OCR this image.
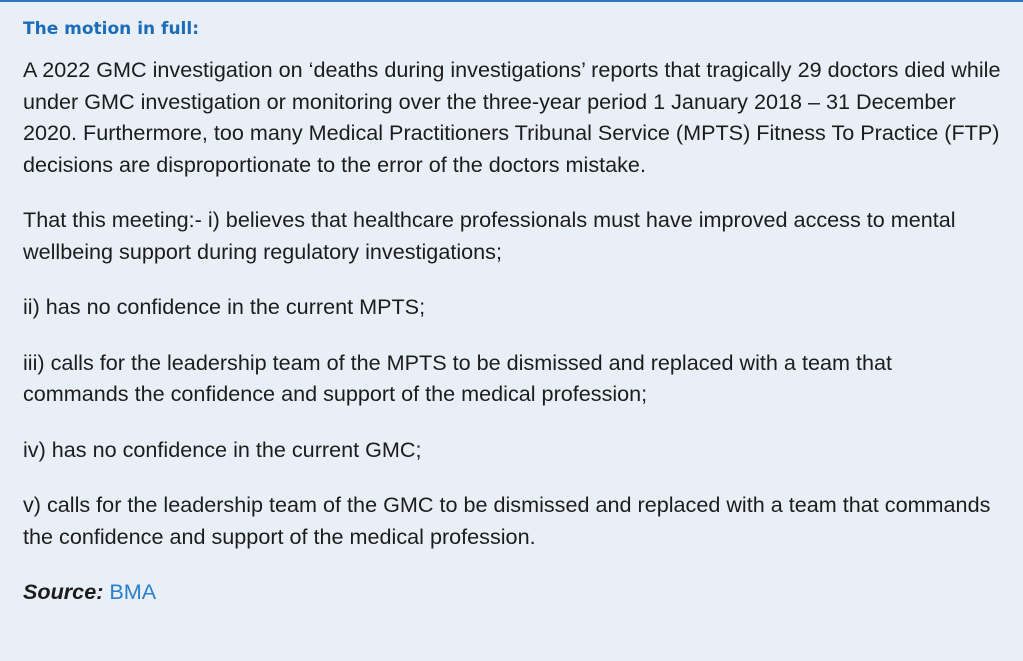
The motion in full:

A 2022 GMC investigation on ‘deaths during investigations’ reports that tragically 29 doctors died while under GMC investigation or monitoring over the three-year period 1 January 2018 – 31 December 2020. Furthermore, too many Medical Practitioners Tribunal Service (MPTS) Fitness To Practice (FTP) decisions are disproportionate to the error of the doctors mistake.

That this meeting:- i) believes that healthcare professionals must have improved access to mental wellbeing support during regulatory investigations;

ii) has no confidence in the current MPTS;

iii) calls for the leadership team of the MPTS to be dismissed and replaced with a team that commands the confidence and support of the medical profession;

iv) has no confidence in the current GMC;

v) calls for the leadership team of the GMC to be dismissed and replaced with a team that commands the confidence and support of the medical profession.

Source: BMA
